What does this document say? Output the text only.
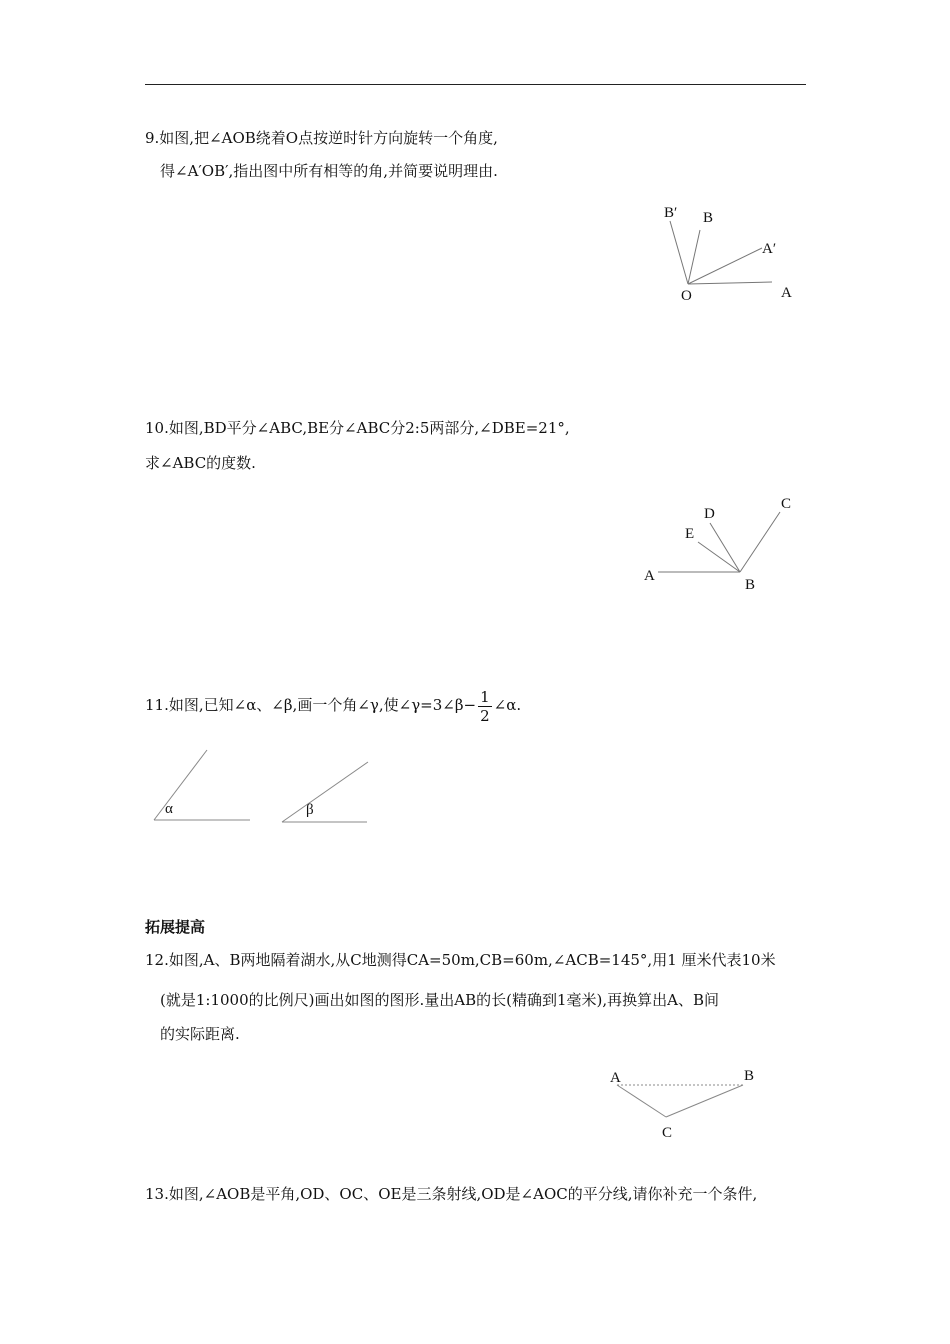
9.如图,把∠AOB绕着O点按逆时针方向旋转一个角度,
得∠A′OB′,指出图中所有相等的角,并简要说明理由.
B′ B
A′
O	A
10.如图,BD平分∠ABC,BE分∠ABC分2:5两部分,∠DBE=21°,
求∠ABC的度数.
D
C
E
A
B
11.如图,已知∠α、∠β,画一个角∠γ,使∠γ=3∠β− $\frac{1}{2}$ ∠α.
α	β
拓展提高
12.如图,A、B两地隔着湖水,从C地测得CA=50m,CB=60m,∠ACB=145°,用1 厘米代表10米
(就是1:1000的比例尺)画出如图的图形.量出AB的长(精确到1毫米),再换算出A、B间
的实际距离.
A	B
C
13.如图,∠AOB是平角,OD、OC、OE是三条射线,OD是∠AOC的平分线,请你补充一个条件,
